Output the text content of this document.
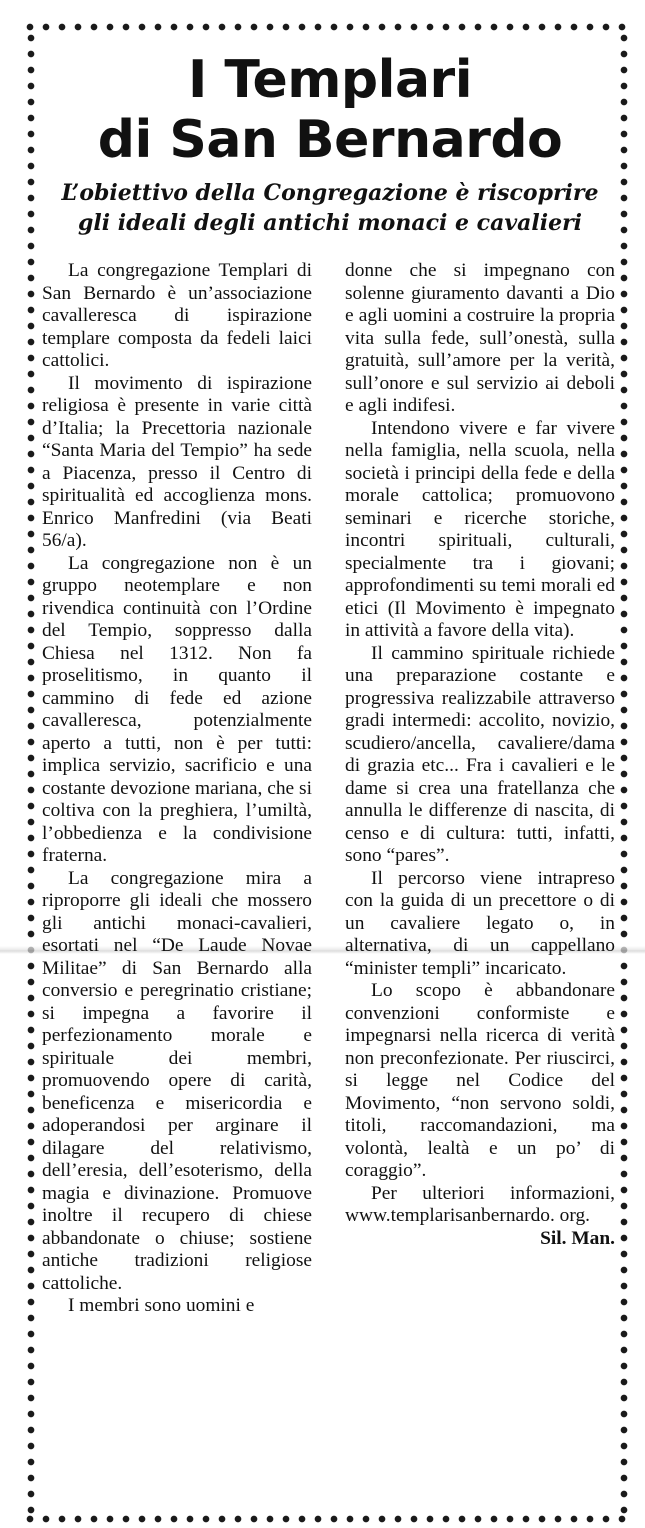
I Templari
di San Bernardo
L’obiettivo della Congregazione è riscoprire
gli ideali degli antichi monaci e cavalieri

La congregazione Templari di San Bernardo è un’associazione cavalleresca di ispirazione templare composta da fedeli laici cattolici.

Il movimento di ispirazione religiosa è presente in varie città d’Italia; la Precettoria nazionale “Santa Maria del Tempio” ha sede a Piacenza, presso il Centro di spiritualità ed accoglienza mons. Enrico Manfredini (via Beati 56/a).

La congregazione non è un gruppo neotemplare e non rivendica continuità con l’Ordine del Tempio, soppresso dalla Chiesa nel 1312. Non fa proselitismo, in quanto il cammino di fede ed azione cavalleresca, potenzialmente aperto a tutti, non è per tutti: implica servizio, sacrificio e una costante devozione mariana, che si coltiva con la preghiera, l’umiltà, l’obbedienza e la condivisione fraterna.

La congregazione mira a riproporre gli ideali che mossero gli antichi monaci-cavalieri, esortati nel “De Laude Novae Militae” di San Bernardo alla conversio e peregrinatio cristiane; si impegna a favorire il perfezionamento morale e spirituale dei membri, promuovendo opere di carità, beneficenza e misericordia e adoperandosi per arginare il dilagare del relativismo, dell’eresia, dell’esoterismo, della magia e divinazione. Promuove inoltre il recupero di chiese abbandonate o chiuse; sostiene antiche tradizioni religiose cattoliche.

I membri sono uomini e

donne che si impegnano con solenne giuramento davanti a Dio e agli uomini a costruire la propria vita sulla fede, sull’onestà, sulla gratuità, sull’amore per la verità, sull’onore e sul servizio ai deboli e agli indifesi.

Intendono vivere e far vivere nella famiglia, nella scuola, nella società i principi della fede e della morale cattolica; promuovono seminari e ricerche storiche, incontri spirituali, culturali, specialmente tra i giovani; approfondimenti su temi morali ed etici (Il Movimento è impegnato in attività a favore della vita).

Il cammino spirituale richiede una preparazione costante e progressiva realizzabile attraverso gradi intermedi: accolito, novizio, scudiero/ancella, cavaliere/dama di grazia etc... Fra i cavalieri e le dame si crea una fratellanza che annulla le differenze di nascita, di censo e di cultura: tutti, infatti, sono “pares”.

Il percorso viene intrapreso con la guida di un precettore o di un cavaliere legato o, in alternativa, di un cappellano “minister templi” incaricato.

Lo scopo è abbandonare convenzioni conformiste e impegnarsi nella ricerca di verità non preconfezionate. Per riuscirci, si legge nel Codice del Movimento, “non servono soldi, titoli, raccomandazioni, ma volontà, lealtà e un po’ di coraggio”.

Per ulteriori informazioni, www.templarisanbernardo. org.

Sil. Man.
